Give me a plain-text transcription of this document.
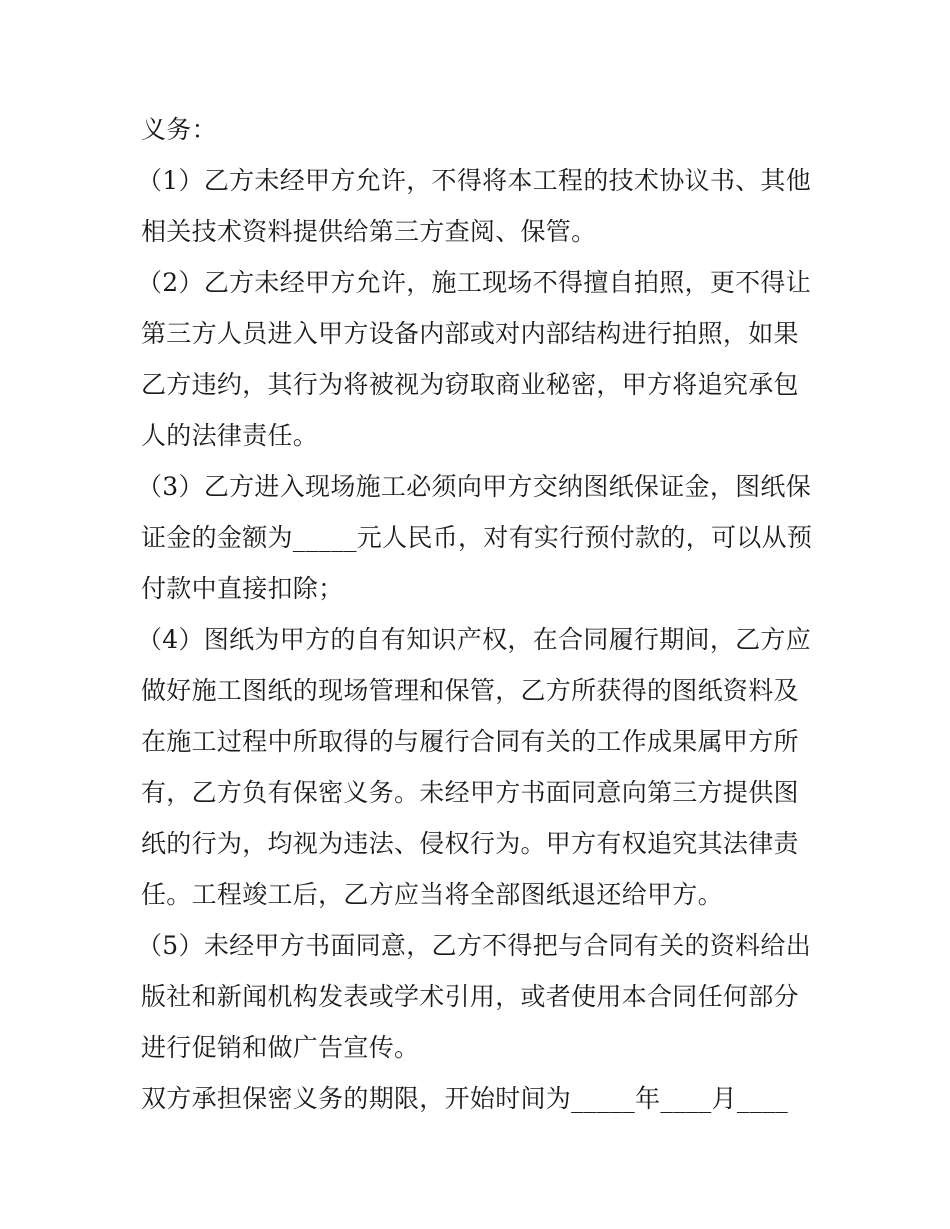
义务：

（1）乙方未经甲方允许，不得将本工程的技术协议书、其他相关技术资料提供给第三方查阅、保管。

（2）乙方未经甲方允许，施工现场不得擅自拍照，更不得让第三方人员进入甲方设备内部或对内部结构进行拍照，如果乙方违约，其行为将被视为窃取商业秘密，甲方将追究承包人的法律责任。

（3）乙方进入现场施工必须向甲方交纳图纸保证金，图纸保证金的金额为_____元人民币，对有实行预付款的，可以从预付款中直接扣除；

（4）图纸为甲方的自有知识产权，在合同履行期间，乙方应做好施工图纸的现场管理和保管，乙方所获得的图纸资料及在施工过程中所取得的与履行合同有关的工作成果属甲方所有，乙方负有保密义务。未经甲方书面同意向第三方提供图纸的行为，均视为违法、侵权行为。甲方有权追究其法律责任。工程竣工后，乙方应当将全部图纸退还给甲方。

（5）未经甲方书面同意，乙方不得把与合同有关的资料给出版社和新闻机构发表或学术引用，或者使用本合同任何部分进行促销和做广告宣传。

双方承担保密义务的期限，开始时间为_____年____月____
